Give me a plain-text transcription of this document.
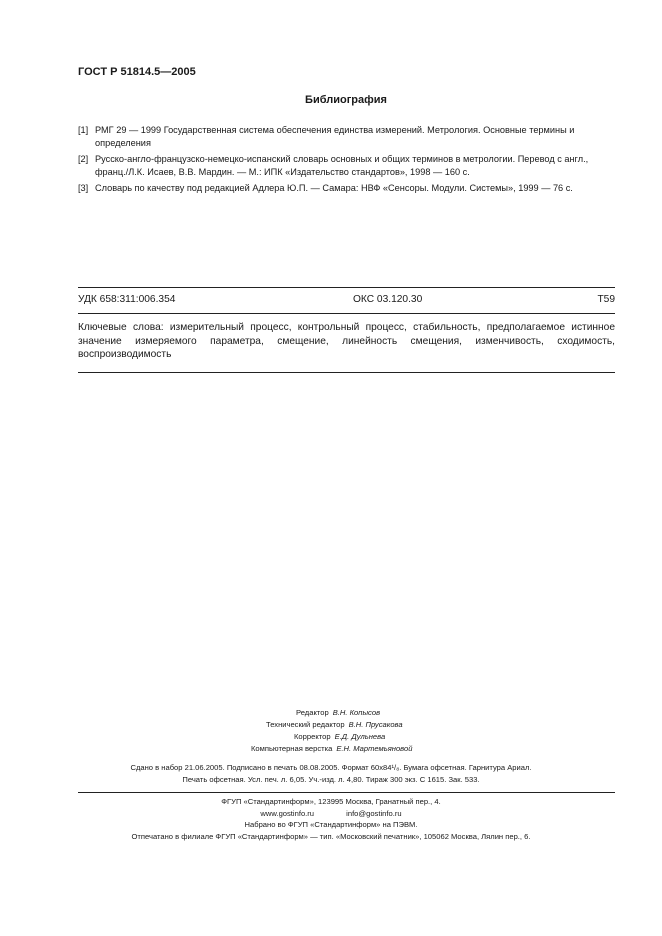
ГОСТ Р 51814.5—2005
Библиография
[1] РМГ 29 — 1999 Государственная система обеспечения единства измерений. Метрология. Основные термины и определения
[2] Русско-англо-французско-немецко-испанский словарь основных и общих терминов в метрологии. Перевод с англ., франц./Л.К. Исаев, В.В. Мардин. — М.: ИПК «Издательство стандартов», 1998 — 160 с.
[3] Словарь по качеству под редакцией Адлера Ю.П. — Самара: НВФ «Сенсоры. Модули. Системы», 1999 — 76 с.
УДК 658:311:006.354	ОКС 03.120.30	Т59
Ключевые слова: измерительный процесс, контрольный процесс, стабильность, предполагаемое истинное значение измеряемого параметра, смещение, линейность смещения, изменчивость, сходимость, воспроизводимость
Редактор В.Н. Копысов
Технический редактор В.Н. Прусакова
Корректор Е.Д. Дульнева
Компьютерная верстка Е.Н. Мартемьяновой
Сдано в набор 21.06.2005. Подписано в печать 08.08.2005. Формат 60x84¹/₈. Бумага офсетная. Гарнитура Ариал.
Печать офсетная. Усл. печ. л. 6,05. Уч.-изд. л. 4,80. Тираж 300 экз. С 1615. Зак. 533.
ФГУП «Стандартинформ», 123995 Москва, Гранатный пер., 4.
www.gostinfo.ru	info@gostinfo.ru
Набрано во ФГУП «Стандартинформ» на ПЭВМ.
Отпечатано в филиале ФГУП «Стандартинформ» — тип. «Московский печатник», 105062 Москва, Лялин пер., 6.
